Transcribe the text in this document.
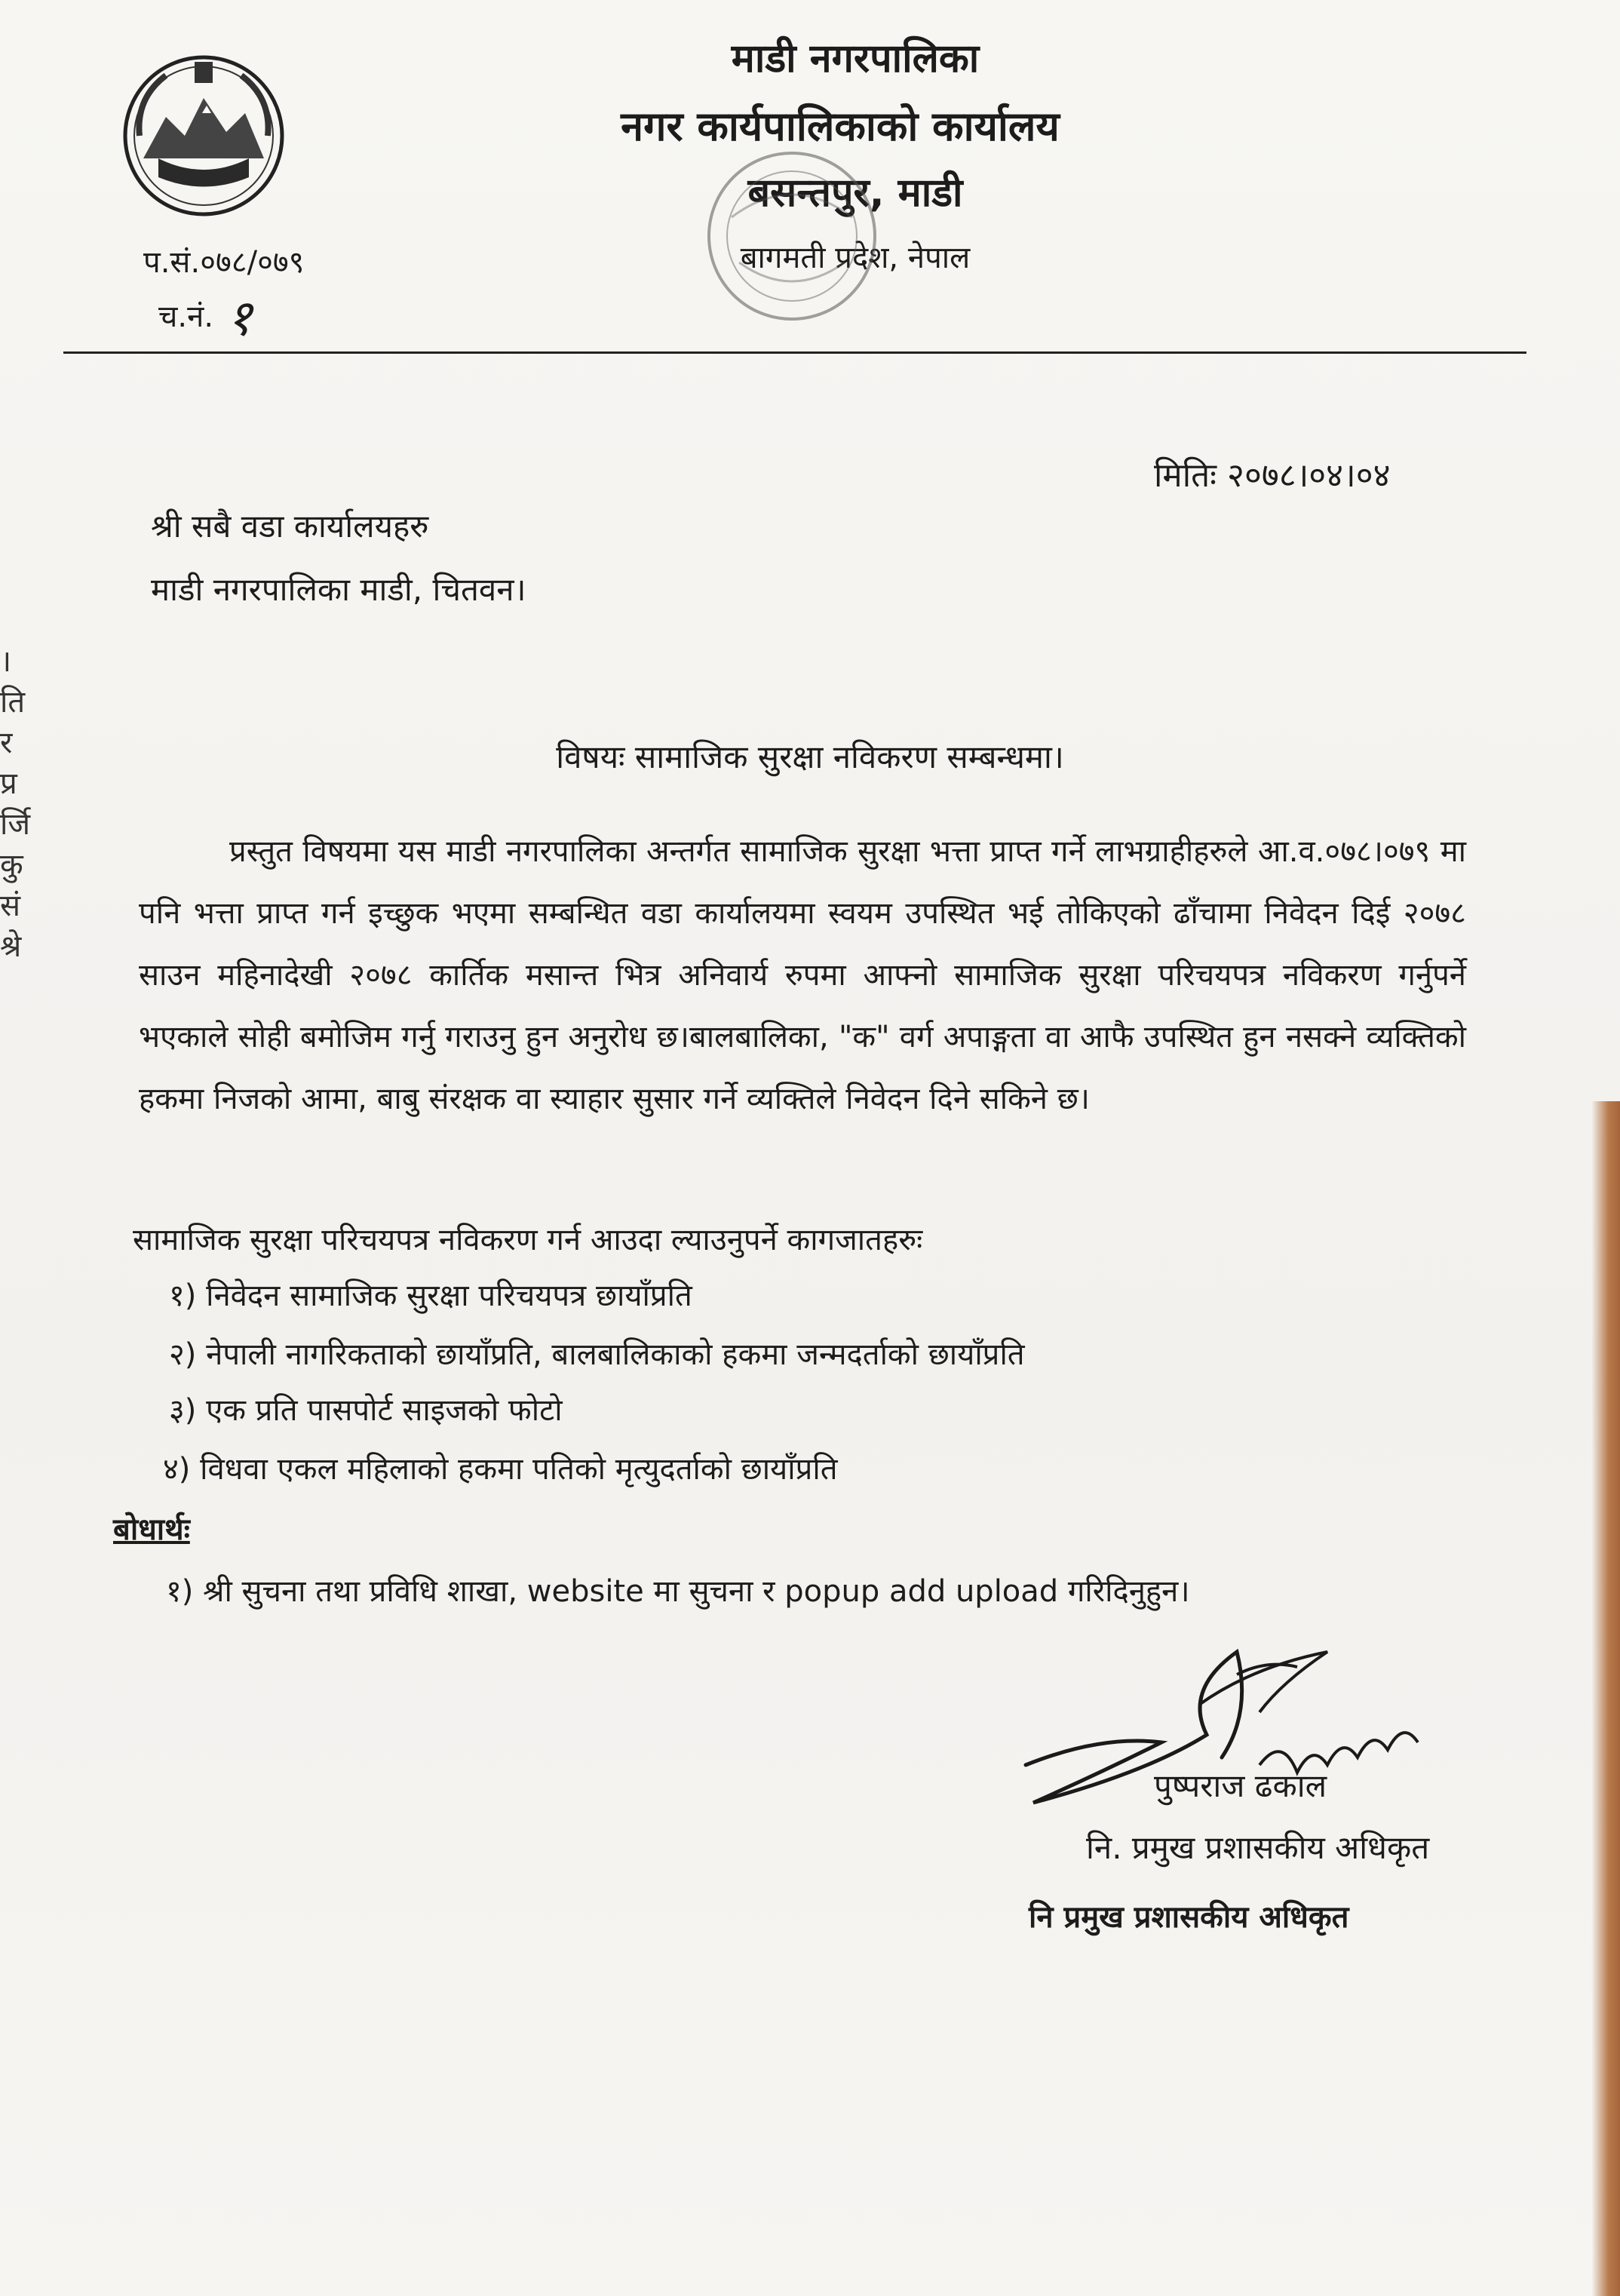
।
ति
र
प्र
र्जि
कु
सं
श्रे
माडी नगरपालिका
नगर कार्यपालिकाको कार्यालय
बसन्तपुर, माडी
बागमती प्रदेश, नेपाल
प.सं.०७८/०७९
च.नं. १
मितिः २०७८।०४।०४
श्री सबै वडा कार्यालयहरु
माडी नगरपालिका माडी, चितवन।
विषयः सामाजिक सुरक्षा नविकरण सम्बन्धमा।
प्रस्तुत विषयमा यस माडी नगरपालिका अन्तर्गत सामाजिक सुरक्षा भत्ता प्राप्त गर्ने लाभग्राहीहरुले आ.व.०७८।०७९ मा पनि भत्ता प्राप्त गर्न इच्छुक भएमा सम्बन्धित वडा कार्यालयमा स्वयम उपस्थित भई तोकिएको ढाँचामा निवेदन दिई २०७८ साउन महिनादेखी २०७८ कार्तिक मसान्त भित्र अनिवार्य रुपमा आफ्नो सामाजिक सुरक्षा परिचयपत्र नविकरण गर्नुपर्ने भएकाले सोही बमोजिम गर्नु गराउनु हुन अनुरोध छ।बालबालिका, "क" वर्ग अपाङ्गता वा आफै उपस्थित हुन नसक्ने व्यक्तिको हकमा निजको आमा, बाबु संरक्षक वा स्याहार सुसार गर्ने व्यक्तिले निवेदन दिने सकिने छ।
सामाजिक सुरक्षा परिचयपत्र नविकरण गर्न आउदा ल्याउनुपर्ने कागजातहरुः
१) निवेदन सामाजिक सुरक्षा परिचयपत्र छायाँप्रति
२) नेपाली नागरिकताको छायाँप्रति, बालबालिकाको हकमा जन्मदर्ताको छायाँप्रति
३) एक प्रति पासपोर्ट साइजको फोटो
४) विधवा एकल महिलाको हकमा पतिको मृत्युदर्ताको छायाँप्रति
बोधार्थः
१) श्री सुचना तथा प्रविधि शाखा, website मा सुचना र popup add upload गरिदिनुहुन।
पुष्पराज ढकाल
नि. प्रमुख प्रशासकीय अधिकृत
नि प्रमुख प्रशासकीय अधिकृत
